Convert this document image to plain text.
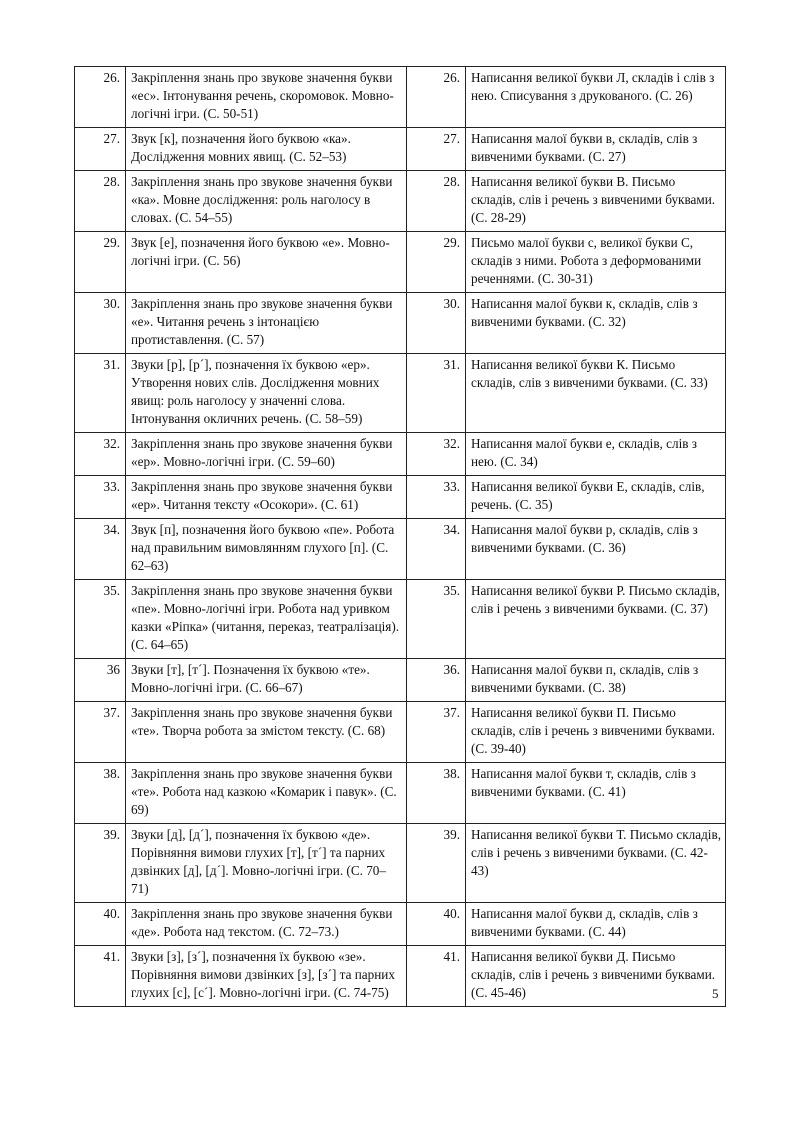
26.	Закріплення знань про звукове значення букви «ес». Інтонування речень, скоромовок. Мовно-логічні ігри. (С. 50-51)	26.	Написання великої букви Л, складів і слів з нею. Списування з друкованого. (С. 26)
27.	Звук [к], позначення його буквою «ка». Дослідження мовних явищ. (С. 52–53)	27.	Написання малої букви в, складів, слів з вивченими буквами. (С. 27)
28.	Закріплення знань про звукове значення букви «ка». Мовне дослідження: роль наголосу в словах. (С. 54–55)	28.	Написання великої букви В. Письмо складів, слів і речень з вивченими буквами. (С. 28-29)
29.	Звук [е], позначення його буквою «е». Мовно-логічні ігри. (С. 56)	29.	Письмо малої букви с, великої букви С, складів з ними. Робота з деформованими реченнями. (С. 30-31)
30.	Закріплення знань про звукове значення букви «е». Читання речень з інтонацією протиставлення. (С. 57)	30.	Написання малої букви к, складів, слів з вивченими буквами. (С. 32)
31.	Звуки [р], [р´], позначення їх буквою «ер». Утворення нових слів. Дослідження мовних явищ: роль наголосу у значенні слова. Інтонування окличних речень. (С. 58–59)	31.	Написання великої букви К. Письмо складів, слів з вивченими буквами. (С. 33)
32.	Закріплення знань про звукове значення букви «ер». Мовно-логічні ігри. (С. 59–60)	32.	Написання малої букви е, складів, слів з нею. (С. 34)
33.	Закріплення знань про звукове значення букви «ер». Читання тексту «Осокори». (С. 61)	33.	Написання великої букви Е, складів, слів, речень. (С. 35)
34.	Звук [п], позначення його буквою «пе». Робота над правильним вимовлянням глухого [п]. (С. 62–63)	34.	Написання малої букви р, складів, слів з вивченими буквами. (С. 36)
35.	Закріплення знань про звукове значення букви «пе». Мовно-логічні ігри. Робота над уривком казки «Ріпка» (читання, переказ, театралізація). (С. 64–65)	35.	Написання великої букви Р. Письмо складів, слів і речень з вивченими буквами. (С. 37)
36	Звуки [т], [т´]. Позначення їх буквою «те». Мовно-логічні ігри. (С. 66–67)	36.	Написання малої букви п, складів, слів з вивченими буквами. (С. 38)
37.	Закріплення знань про звукове значення букви «те». Творча робота за змістом тексту. (С. 68)	37.	Написання великої букви П. Письмо складів, слів і речень з вивченими буквами. (С. 39-40)
38.	Закріплення знань про звукове значення букви «те». Робота над казкою «Комарик і павук». (С. 69)	38.	Написання малої букви т, складів, слів з вивченими буквами. (С. 41)
39.	Звуки [д], [д´], позначення їх буквою «де». Порівняння вимови глухих [т], [т´] та парних дзвінких [д], [д´]. Мовно-логічні ігри. (С. 70–71)	39.	Написання великої букви Т. Письмо складів, слів і речень з вивченими буквами. (С. 42-43)
40.	Закріплення знань про звукове значення букви «де». Робота над текстом. (С. 72–73.)	40.	Написання малої букви д, складів, слів з вивченими буквами. (С. 44)
41.	Звуки [з], [з´], позначення їх буквою «зе». Порівняння вимови дзвінких [з], [з´] та парних глухих [с], [с´]. Мовно-логічні ігри. (С. 74-75)	41.	Написання великої букви Д. Письмо складів, слів і речень з вивченими буквами. (С. 45-46)	5
